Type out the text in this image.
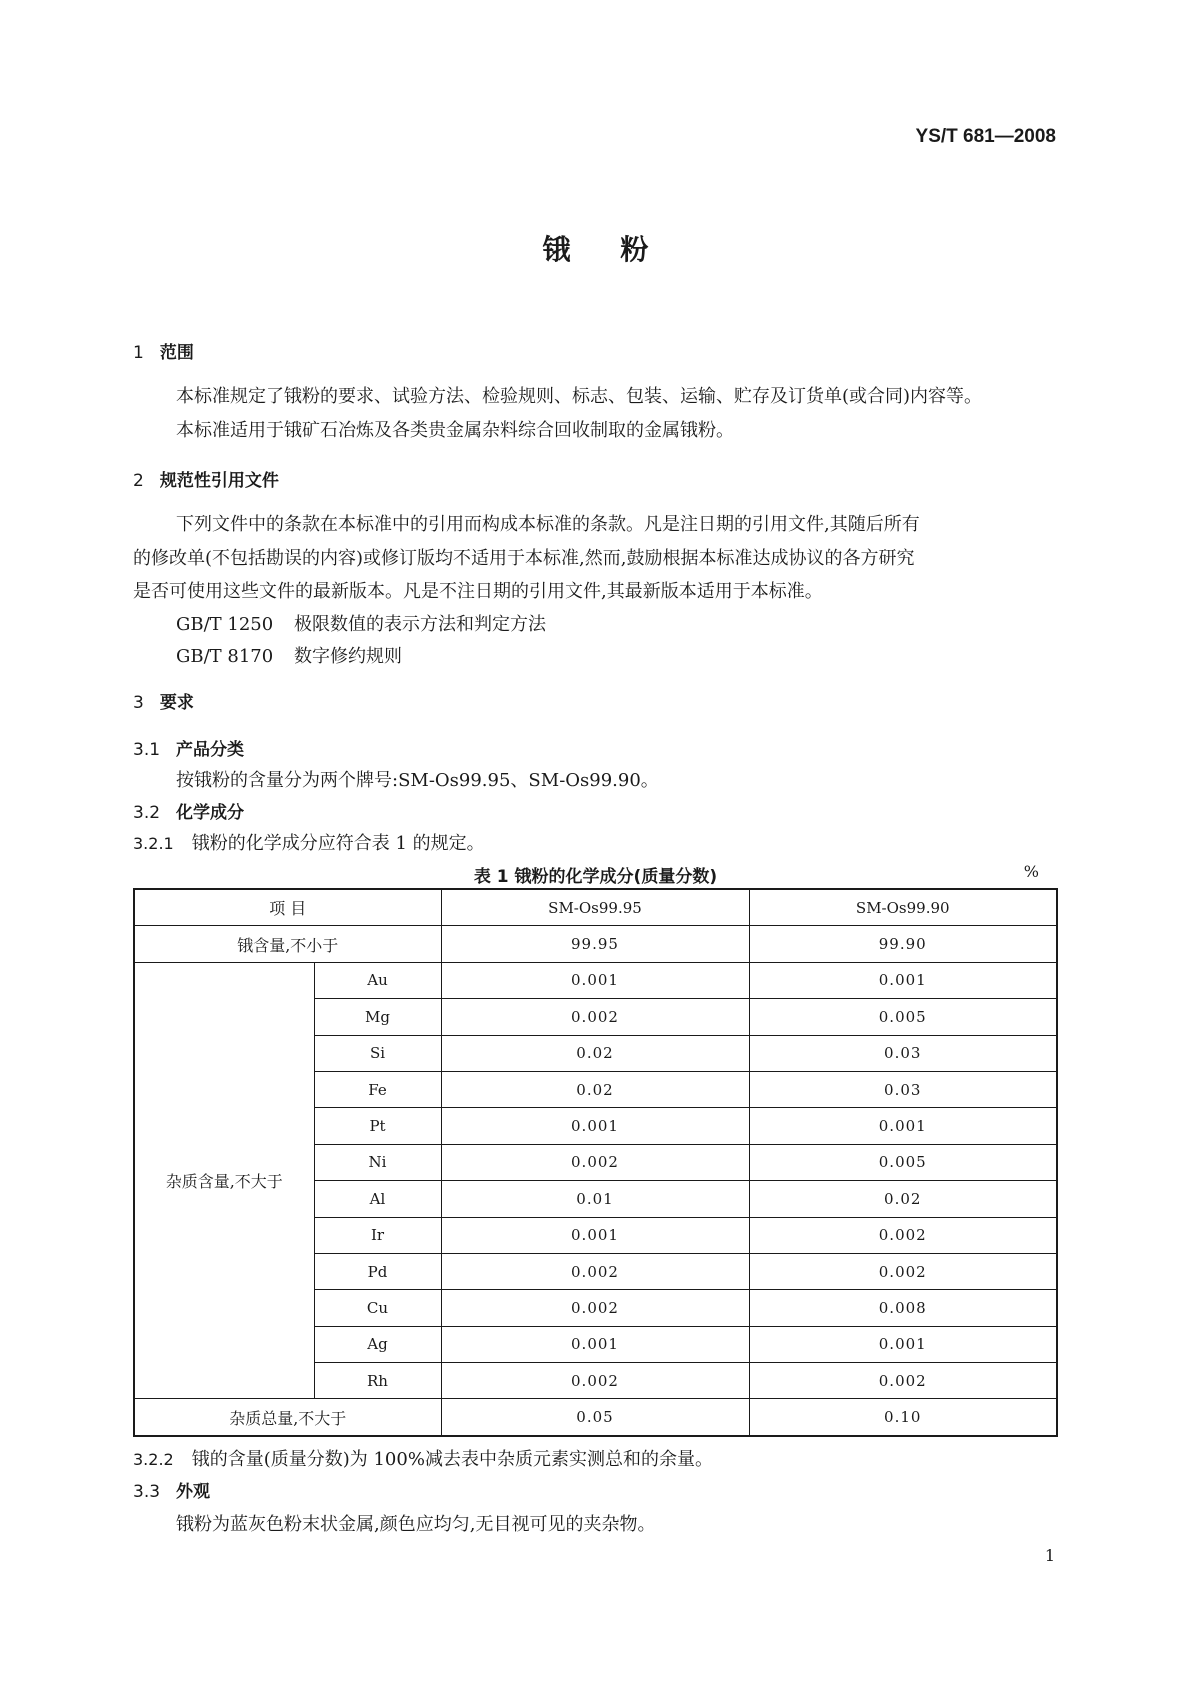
YS/T 681—2008
锇 粉
1 范围
本标准规定了锇粉的要求、试验方法、检验规则、标志、包装、运输、贮存及订货单(或合同)内容等。
本标准适用于锇矿石冶炼及各类贵金属杂料综合回收制取的金属锇粉。
2 规范性引用文件
下列文件中的条款在本标准中的引用而构成本标准的条款。凡是注日期的引用文件,其随后所有
的修改单(不包括勘误的内容)或修订版均不适用于本标准,然而,鼓励根据本标准达成协议的各方研究
是否可使用这些文件的最新版本。凡是不注日期的引用文件,其最新版本适用于本标准。
GB/T 1250 极限数值的表示方法和判定方法
GB/T 8170 数字修约规则
3 要求
3.1 产品分类
按锇粉的含量分为两个牌号:SM-Os99.95、SM-Os99.90。
3.2 化学成分
3.2.1 锇粉的化学成分应符合表 1 的规定。
表 1 锇粉的化学成分(质量分数)	%
项 目		SM-Os99.95	SM-Os99.90
锇含量,不小于		99.95	99.90
杂质含量,不大于	Au	0.001	0.001
	Mg	0.002	0.005
	Si	0.02	0.03
	Fe	0.02	0.03
	Pt	0.001	0.001
	Ni	0.002	0.005
	Al	0.01	0.02
	Ir	0.001	0.002
	Pd	0.002	0.002
	Cu	0.002	0.008
	Ag	0.001	0.001
	Rh	0.002	0.002
杂质总量,不大于		0.05	0.10
3.2.2 锇的含量(质量分数)为 100%减去表中杂质元素实测总和的余量。
3.3 外观
锇粉为蓝灰色粉末状金属,颜色应均匀,无目视可见的夹杂物。
1
